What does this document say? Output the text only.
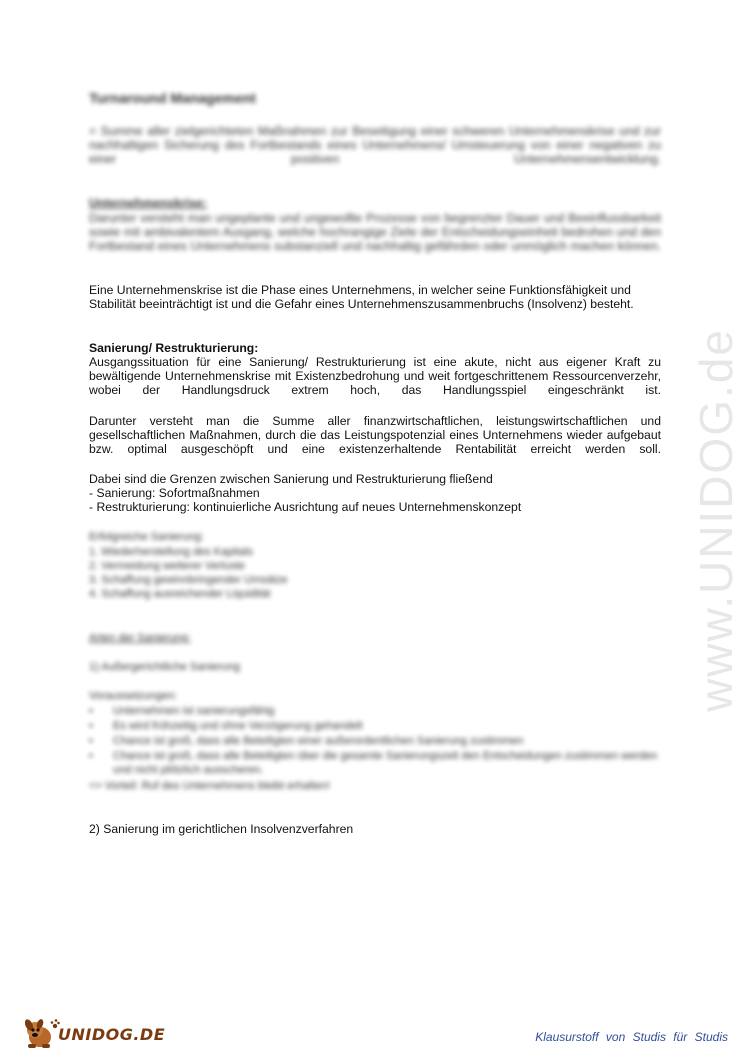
www.UNIDOG.de
Turnaround Management
= Summe aller zielgerichteten Maßnahmen zur Beseitigung einer schweren Unternehmenskrise und zur nachhaltigen Sicherung des Fortbestands eines Unternehmens/ Umsteuerung von einer negativen zu einer positiven Unternehmensentwicklung.
Unternehmenskrise:
Darunter versteht man ungeplante und ungewollte Prozesse von begrenzter Dauer und Beeinflussbarkeit sowie mit ambivalentem Ausgang, welche hochrangige Ziele der Entscheidungseinheit bedrohen und den Fortbestand eines Unternehmens substanziell und nachhaltig gefährden oder unmöglich machen können.
Eine Unternehmenskrise ist die Phase eines Unternehmens, in welcher seine Funktionsfähigkeit und Stabilität beeinträchtigt ist und die Gefahr eines Unternehmenszusammenbruchs (Insolvenz) besteht.
Sanierung/ Restrukturierung:
Ausgangssituation für eine Sanierung/ Restrukturierung ist eine akute, nicht aus eigener Kraft zu bewältigende Unternehmenskrise mit Existenzbedrohung und weit fortgeschrittenem Ressourcenverzehr, wobei der Handlungsdruck extrem hoch, das Handlungsspiel eingeschränkt ist.
Darunter versteht man die Summe aller finanzwirtschaftlichen, leistungswirtschaftlichen und gesellschaftlichen Maßnahmen, durch die das Leistungspotenzial eines Unternehmens wieder aufgebaut bzw. optimal ausgeschöpft und eine existenzerhaltende Rentabilität erreicht werden soll.
Dabei sind die Grenzen zwischen Sanierung und Restrukturierung fließend
- Sanierung: Sofortmaßnahmen
- Restrukturierung: kontinuierliche Ausrichtung auf neues Unternehmenskonzept
Erfolgreiche Sanierung:
1. Wiederherstellung des Kapitals
2. Vermeidung weiterer Verluste
3. Schaffung gewinnbringender Umsätze
4. Schaffung ausreichender Liquidität
Arten der Sanierung:
1) Außergerichtliche Sanierung
Voraussetzungen:
• Unternehmen ist sanierungsfähig
• Es wird frühzeitig und ohne Verzögerung gehandelt
• Chance ist groß, dass alle Beteiligten einer außerordentlichen Sanierung zustimmen
• Chance ist groß, dass alle Beteiligten über die gesamte Sanierungszeit den Entscheidungen zustimmen werden und nicht plötzlich ausscheren.
=> Vorteil: Ruf des Unternehmens bleibt erhalten!
2) Sanierung im gerichtlichen Insolvenzverfahren
UNIDOG.DE	Klausurstoff von Studis für Studis
